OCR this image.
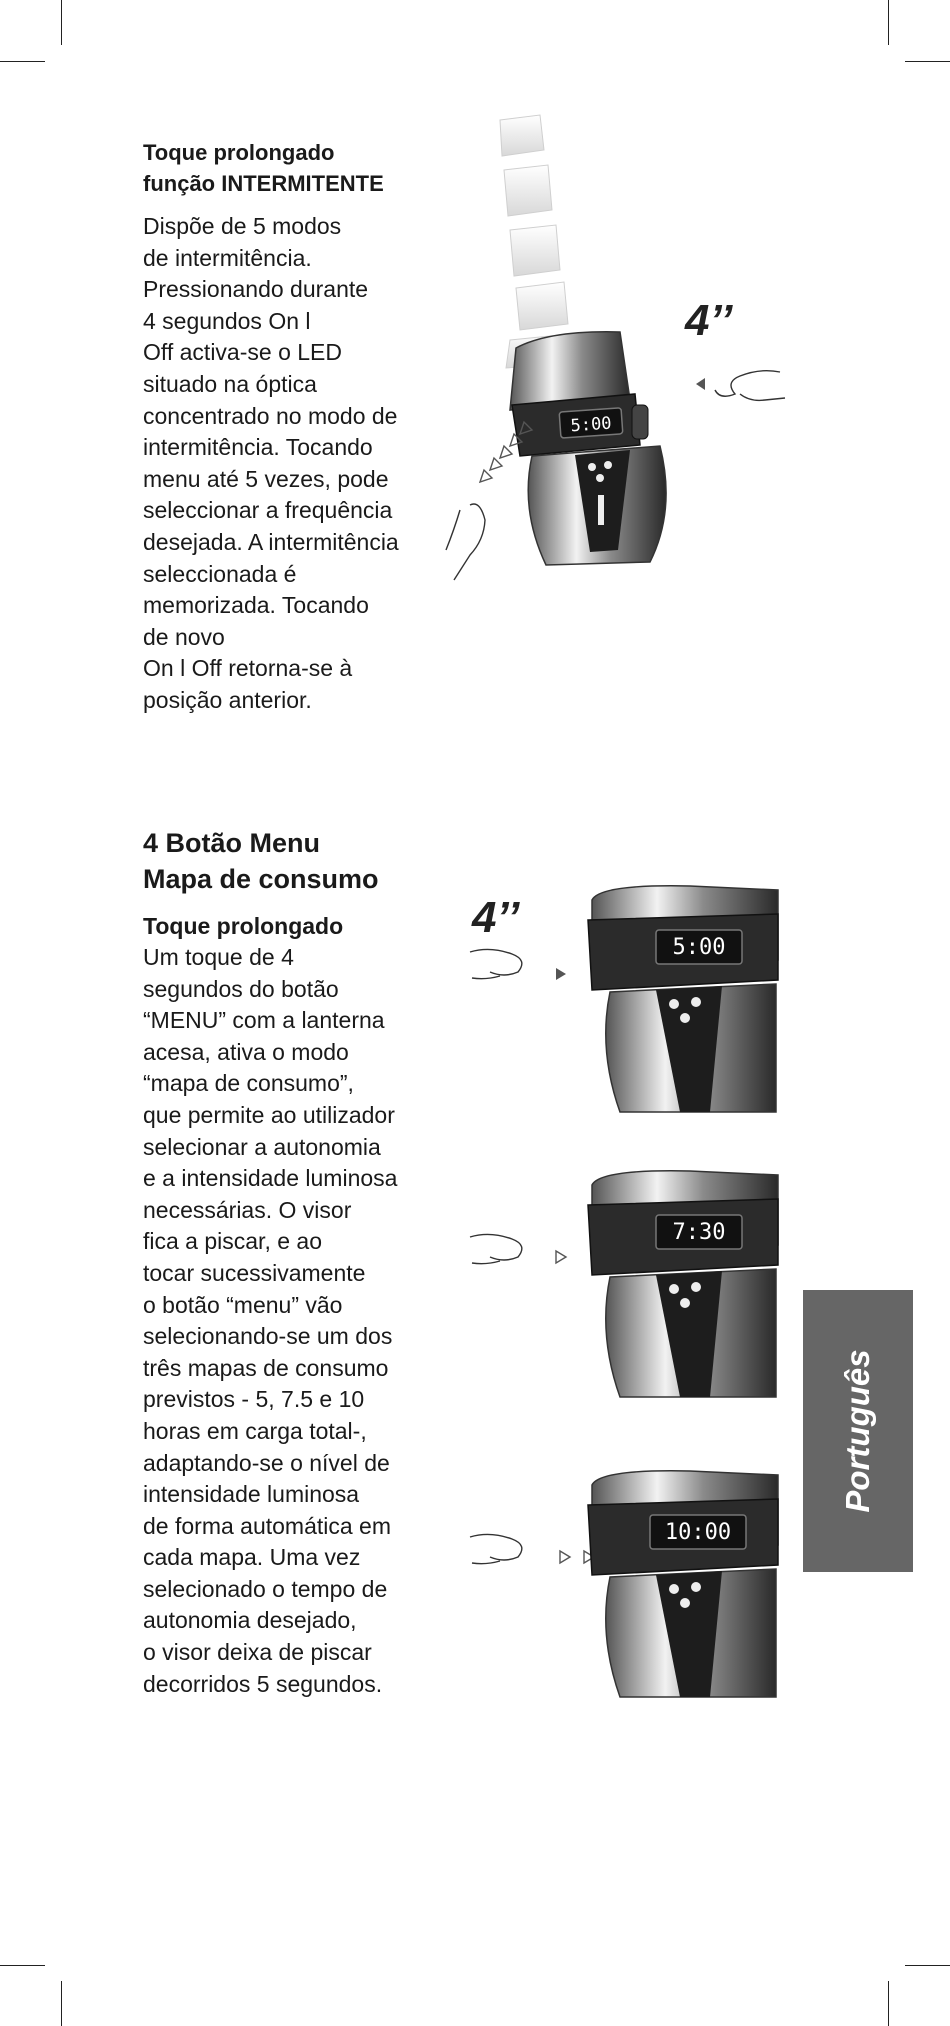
Toque prolongado
função INTERMITENTE

Dispõe de 5 modos
de intermitência.
Pressionando durante
4 segundos On l
Off activa-se o LED
situado na óptica
concentrado no modo de
intermitência. Tocando
menu até 5 vezes, pode
seleccionar a frequência
desejada. A intermitência
seleccionada é
memorizada. Tocando
de novo
On l Off retorna-se à
posição anterior.
5:00
4’’

4 Botão Menu
Mapa de consumo

Toque prolongado

Um toque de 4
segundos do botão
“MENU” com a lanterna
acesa, ativa o modo
“mapa de consumo”,
que permite ao utilizador
selecionar a autonomia
e a intensidade luminosa
necessárias. O visor
fica a piscar, e ao
tocar sucessivamente
o botão “menu” vão
selecionando-se um dos
três mapas de consumo
previstos - 5, 7.5 e 10
horas em carga total-,
adaptando-se o nível de
intensidade luminosa
de forma automática em
cada mapa. Uma vez
selecionado o tempo de
autonomia desejado,
o visor deixa de piscar
decorridos 5 segundos.
4’’
5:00
7:30
10:00
Português
